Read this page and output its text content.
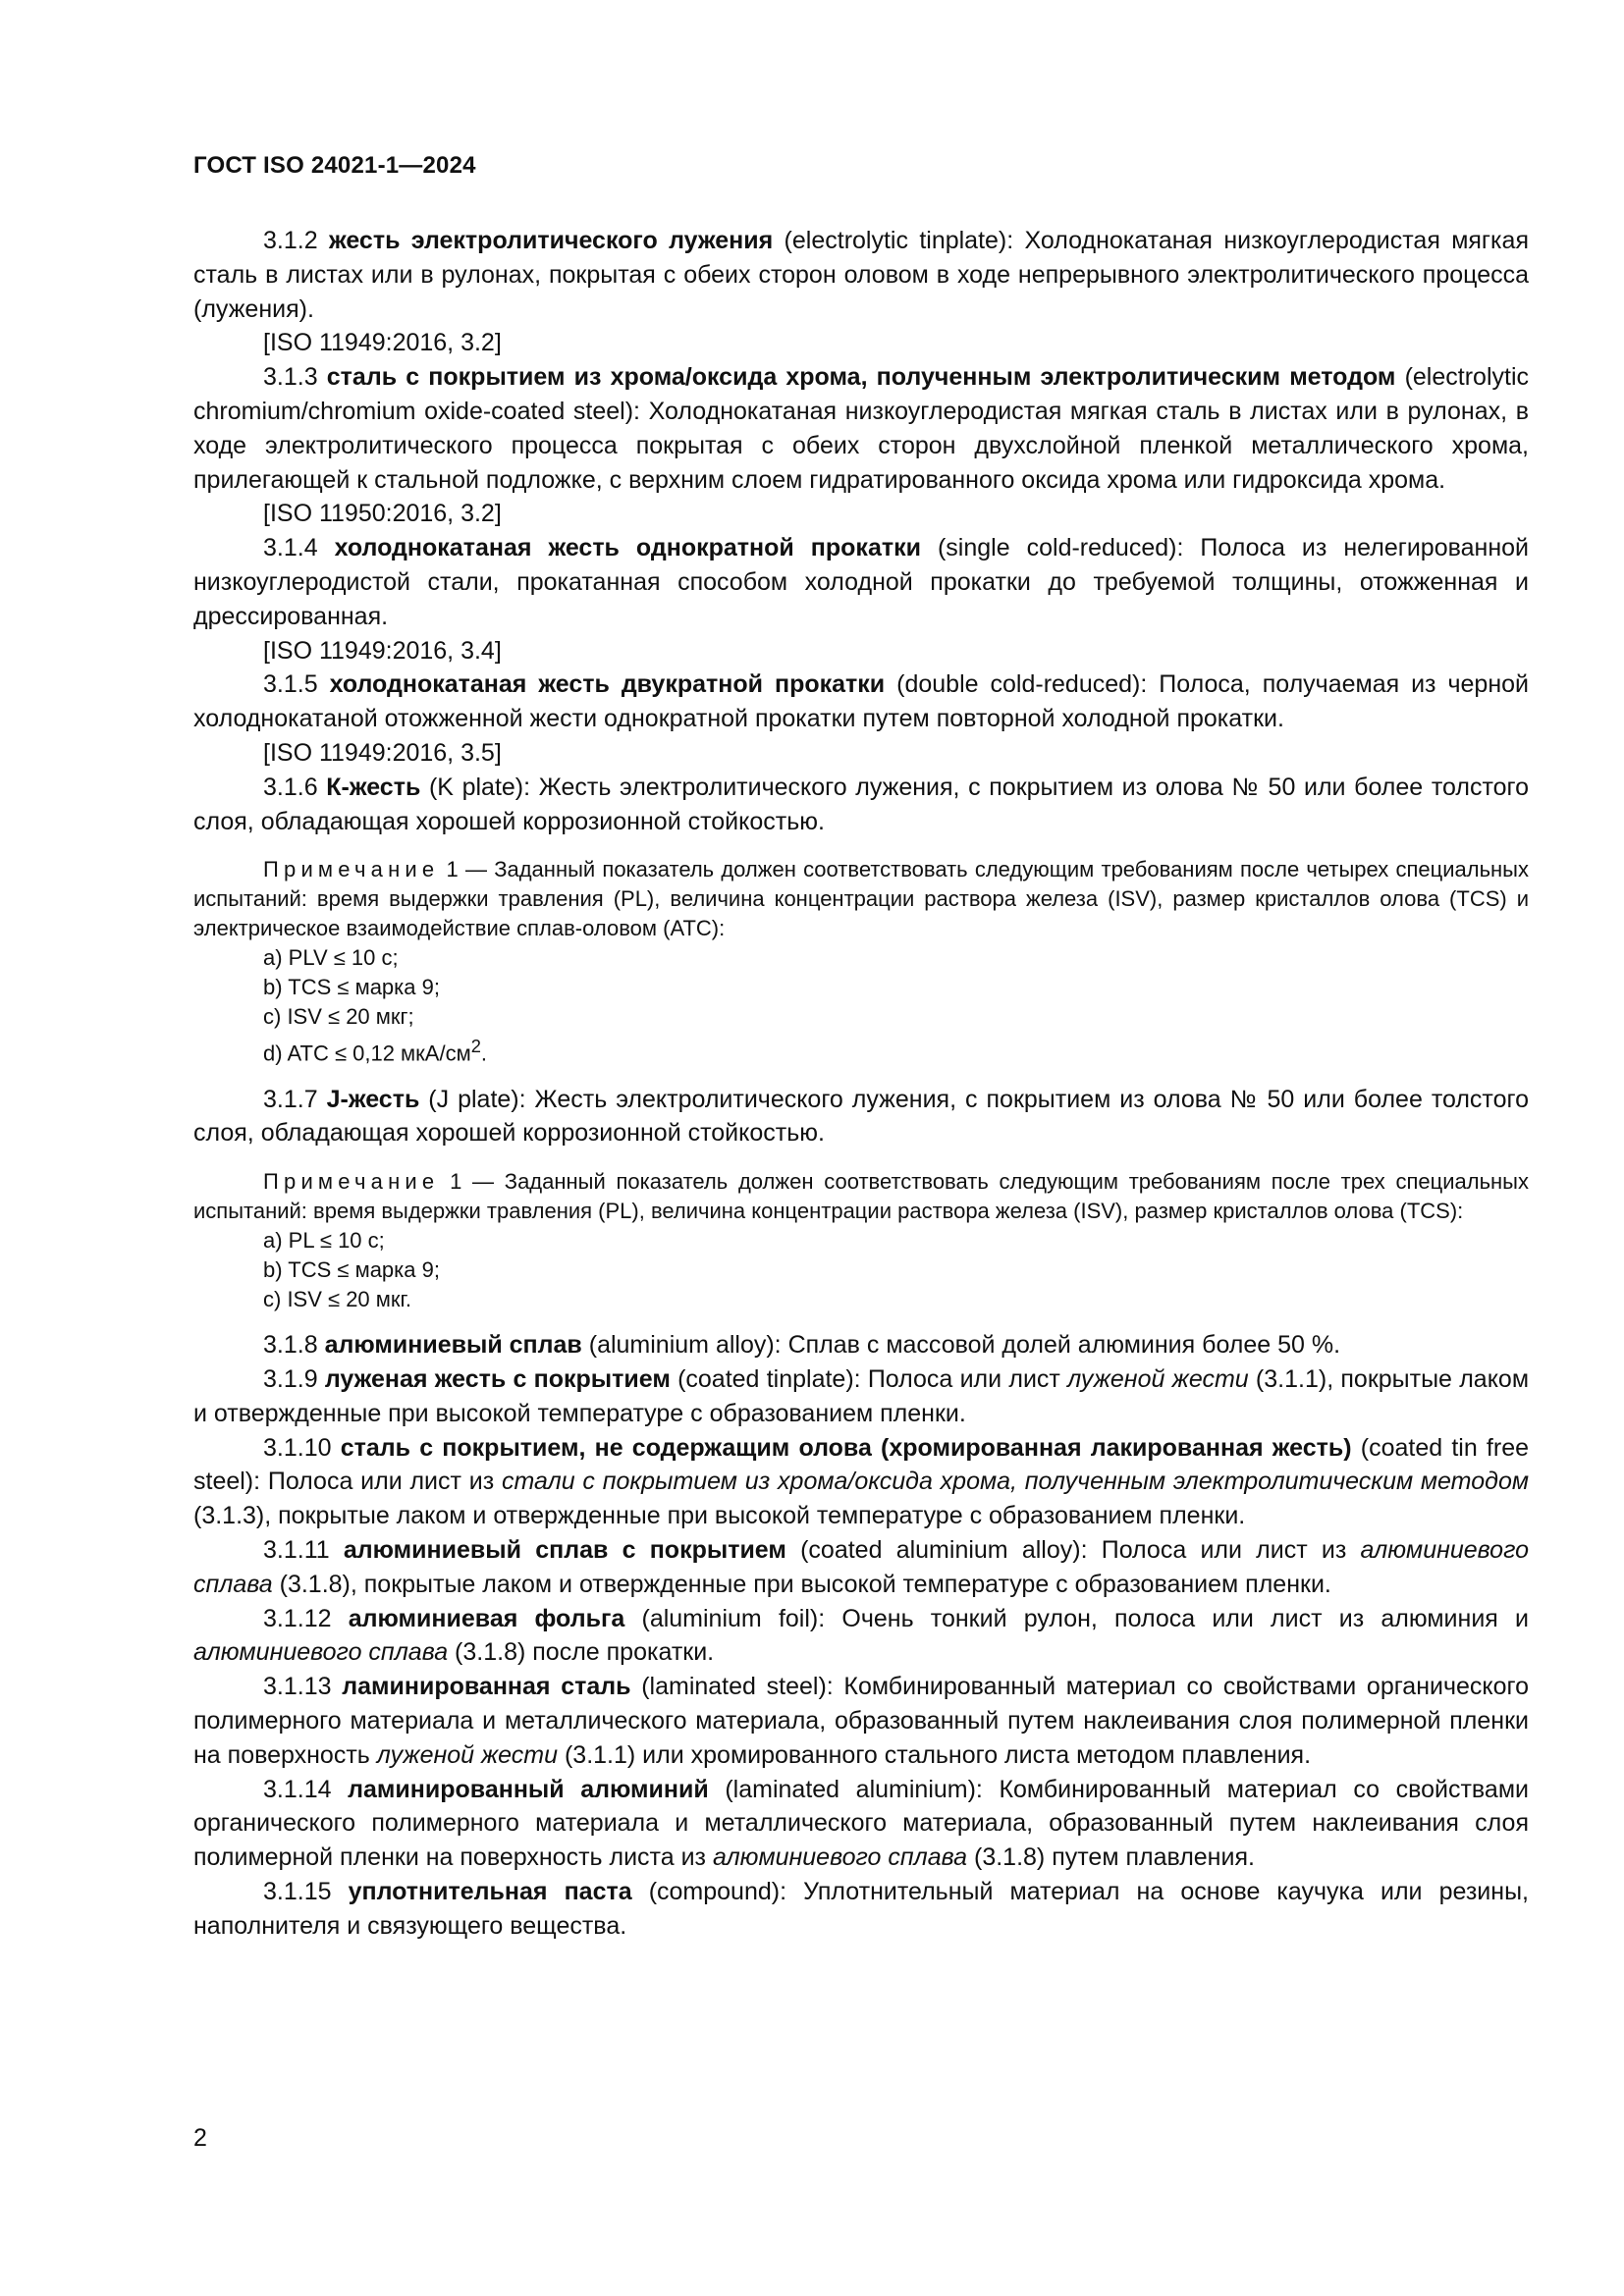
ГОСТ ISO 24021-1—2024

3.1.2 жесть электролитического лужения (electrolytic tinplate): Холоднокатаная низкоуглеродистая мягкая сталь в листах или в рулонах, покрытая с обеих сторон оловом в ходе непрерывного электролитического процесса (лужения).

[ISO 11949:2016, 3.2]

3.1.3 сталь с покрытием из хрома/оксида хрома, полученным электролитическим методом (electrolytic chromium/chromium oxide-coated steel): Холоднокатаная низкоуглеродистая мягкая сталь в листах или в рулонах, в ходе электролитического процесса покрытая с обеих сторон двухслойной пленкой металлического хрома, прилегающей к стальной подложке, с верхним слоем гидратированного оксида хрома или гидроксида хрома.

[ISO 11950:2016, 3.2]

3.1.4 холоднокатаная жесть однократной прокатки (single cold-reduced): Полоса из нелегированной низкоуглеродистой стали, прокатанная способом холодной прокатки до требуемой толщины, отожженная и дрессированная.

[ISO 11949:2016, 3.4]

3.1.5 холоднокатаная жесть двукратной прокатки (double cold-reduced): Полоса, получаемая из черной холоднокатаной отожженной жести однократной прокатки путем повторной холодной прокатки.

[ISO 11949:2016, 3.5]

3.1.6 К-жесть (K plate): Жесть электролитического лужения, с покрытием из олова № 50 или более толстого слоя, обладающая хорошей коррозионной стойкостью.

Примечание 1 — Заданный показатель должен соответствовать следующим требованиям после четырех специальных испытаний: время выдержки травления (PL), величина концентрации раствора железа (ISV), размер кристаллов олова (TCS) и электрическое взаимодействие сплав-оловом (ATC):
a) PLV ≤ 10 с;
b) TCS ≤ марка 9;
c) ISV ≤ 20 мкг;
d) ATC ≤ 0,12 мкА/$см^2$.

3.1.7 J-жесть (J plate): Жесть электролитического лужения, с покрытием из олова № 50 или более толстого слоя, обладающая хорошей коррозионной стойкостью.

Примечание 1 — Заданный показатель должен соответствовать следующим требованиям после трех специальных испытаний: время выдержки травления (PL), величина концентрации раствора железа (ISV), размер кристаллов олова (TCS):
a) PL ≤ 10 с;
b) TCS ≤ марка 9;
c) ISV ≤ 20 мкг.

3.1.8 алюминиевый сплав (aluminium alloy): Сплав с массовой долей алюминия более 50 %.

3.1.9 луженая жесть с покрытием (coated tinplate): Полоса или лист луженой жести (3.1.1), покрытые лаком и отвержденные при высокой температуре с образованием пленки.

3.1.10 сталь с покрытием, не содержащим олова (хромированная лакированная жесть) (coated tin free steel): Полоса или лист из стали с покрытием из хрома/оксида хрома, полученным электролитическим методом (3.1.3), покрытые лаком и отвержденные при высокой температуре с образованием пленки.

3.1.11 алюминиевый сплав с покрытием (coated aluminium alloy): Полоса или лист из алюминиевого сплава (3.1.8), покрытые лаком и отвержденные при высокой температуре с образованием пленки.

3.1.12 алюминиевая фольга (aluminium foil): Очень тонкий рулон, полоса или лист из алюминия и алюминиевого сплава (3.1.8) после прокатки.

3.1.13 ламинированная сталь (laminated steel): Комбинированный материал со свойствами органического полимерного материала и металлического материала, образованный путем наклеивания слоя полимерной пленки на поверхность луженой жести (3.1.1) или хромированного стального листа методом плавления.

3.1.14 ламинированный алюминий (laminated aluminium): Комбинированный материал со свойствами органического полимерного материала и металлического материала, образованный путем наклеивания слоя полимерной пленки на поверхность листа из алюминиевого сплава (3.1.8) путем плавления.

3.1.15 уплотнительная паста (compound): Уплотнительный материал на основе каучука или резины, наполнителя и связующего вещества.

2
